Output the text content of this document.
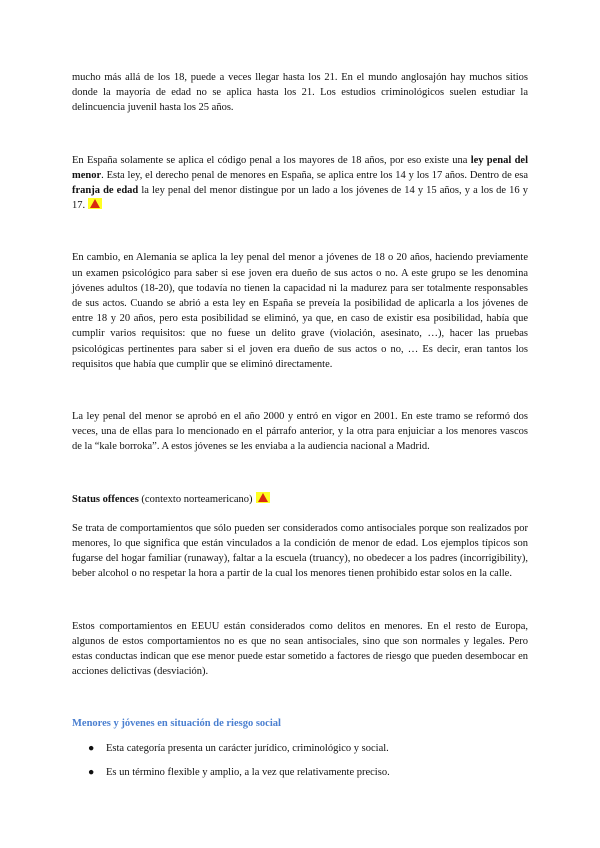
mucho más allá de los 18, puede a veces llegar hasta los 21. En el mundo anglosajón hay muchos sitios donde la mayoría de edad no se aplica hasta los 21. Los estudios criminológicos suelen estudiar la delincuencia juvenil hasta los 25 años.

En España solamente se aplica el código penal a los mayores de 18 años, por eso existe una ley penal del menor. Esta ley, el derecho penal de menores en España, se aplica entre los 14 y los 17 años. Dentro de esa franja de edad la ley penal del menor distingue por un lado a los jóvenes de 14 y 15 años, y a los de 16 y 17.

En cambio, en Alemania se aplica la ley penal del menor a jóvenes de 18 o 20 años, haciendo previamente un examen psicológico para saber si ese joven era dueño de sus actos o no. A este grupo se les denomina jóvenes adultos (18-20), que todavía no tienen la capacidad ni la madurez para ser totalmente responsables de sus actos. Cuando se abrió a esta ley en España se preveía la posibilidad de aplicarla a los jóvenes de entre 18 y 20 años, pero esta posibilidad se eliminó, ya que, en caso de existir esa posibilidad, había que cumplir varios requisitos: que no fuese un delito grave (violación, asesinato, …), hacer las pruebas psicológicas pertinentes para saber si el joven era dueño de sus actos o no, … Es decir, eran tantos los requisitos que había que cumplir que se eliminó directamente.

La ley penal del menor se aprobó en el año 2000 y entró en vigor en 2001. En este tramo se reformó dos veces, una de ellas para lo mencionado en el párrafo anterior, y la otra para enjuiciar a los menores vascos de la “kale borroka”. A estos jóvenes se les enviaba a la audiencia nacional a Madrid.

Status offences (contexto norteamericano)

Se trata de comportamientos que sólo pueden ser considerados como antisociales porque son realizados por menores, lo que significa que están vinculados a la condición de menor de edad. Los ejemplos típicos son fugarse del hogar familiar (runaway), faltar a la escuela (truancy), no obedecer a los padres (incorrigibility), beber alcohol o no respetar la hora a partir de la cual los menores tienen prohibido estar solos en la calle.

Estos comportamientos en EEUU están considerados como delitos en menores. En el resto de Europa, algunos de estos comportamientos no es que no sean antisociales, sino que son normales y legales. Pero estas conductas indican que ese menor puede estar sometido a factores de riesgo que pueden desembocar en acciones delictivas (desviación).

Menores y jóvenes en situación de riesgo social
● Esta categoría presenta un carácter jurídico, criminológico y social.
● Es un término flexible y amplio, a la vez que relativamente preciso.
